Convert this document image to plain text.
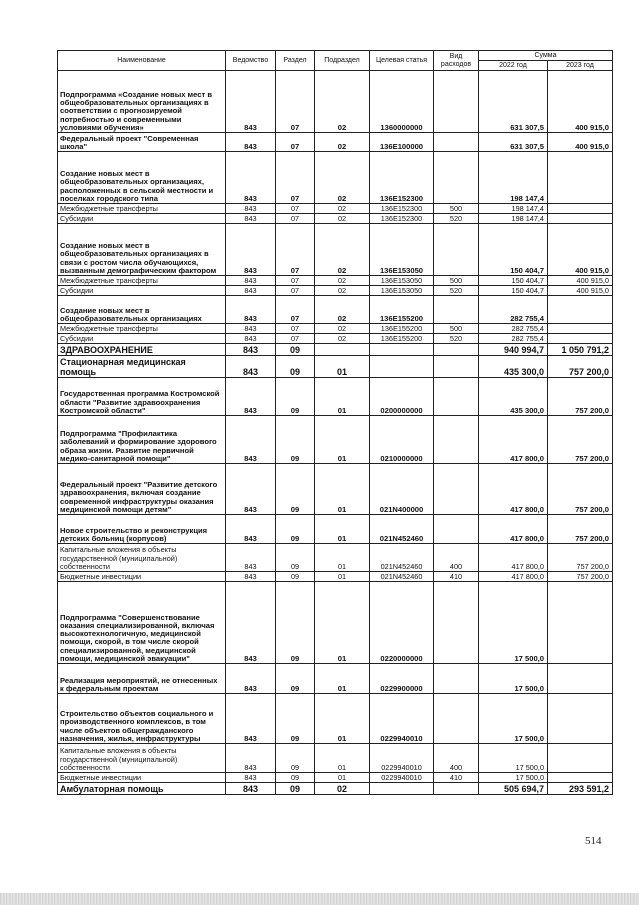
Наименование	Ведомство	Раздел	Подраздел	Целевая статья	Вид расходов	Сумма	
						2022 год	2023 год
Подпрограмма «Создание новых мест в общеобразовательных организациях в соответствии с прогнозируемой потребностью и современными условиями обучения»	843	07	02	1360000000		631 307,5	400 915,0
Федеральный проект "Современная школа"	843	07	02	136E100000		631 307,5	400 915,0
Создание новых мест в общеобразовательных организациях, расположенных в сельской местности и поселках городского типа	843	07	02	136E152300		198 147,4	
Межбюджетные трансферты	843	07	02	136E152300	500	198 147,4	
Субсидии	843	07	02	136E152300	520	198 147,4	
Создание новых мест в общеобразовательных организациях в связи с ростом числа обучающихся, вызванным демографическим фактором	843	07	02	136E153050		150 404,7	400 915,0
Межбюджетные трансферты	843	07	02	136E153050	500	150 404,7	400 915,0
Субсидии	843	07	02	136E153050	520	150 404,7	400 915,0
Создание новых мест в общеобразовательных организациях	843	07	02	136E155200		282 755,4	
Межбюджетные трансферты	843	07	02	136E155200	500	282 755,4	
Субсидии	843	07	02	136E155200	520	282 755,4	
ЗДРАВООХРАНЕНИЕ	843	09				940 994,7	1 050 791,2
Стационарная медицинская помощь	843	09	01			435 300,0	757 200,0
Государственная программа Костромской области "Развитие здравоохранения Костромской области"	843	09	01	0200000000		435 300,0	757 200,0
Подпрограмма "Профилактика заболеваний и формирование здорового образа жизни. Развитие первичной медико-санитарной помощи"	843	09	01	0210000000		417 800,0	757 200,0
Федеральный проект "Развитие детского здравоохранения, включая создание современной инфраструктуры оказания медицинской помощи детям"	843	09	01	021N400000		417 800,0	757 200,0
Новое строительство и реконструкция детских больниц (корпусов)	843	09	01	021N452460		417 800,0	757 200,0
Капитальные вложения в объекты государственной (муниципальной) собственности	843	09	01	021N452460	400	417 800,0	757 200,0
Бюджетные инвестиции	843	09	01	021N452460	410	417 800,0	757 200,0
Подпрограмма "Совершенствование оказания специализированной, включая высокотехнологичную, медицинской помощи, скорой, в том числе скорой специализированной, медицинской помощи, медицинской эвакуации"	843	09	01	0220000000		17 500,0	
Реализация мероприятий, не отнесенных к федеральным проектам	843	09	01	0229900000		17 500,0	
Строительство объектов социального и производственного комплексов, в том числе объектов общегражданского назначения, жилья, инфраструктуры	843	09	01	0229940010		17 500,0	
Капитальные вложения в объекты государственной (муниципальной) собственности	843	09	01	0229940010	400	17 500,0	
Бюджетные инвестиции	843	09	01	0229940010	410	17 500,0	
Амбулаторная помощь	843	09	02			505 694,7	293 591,2
514
